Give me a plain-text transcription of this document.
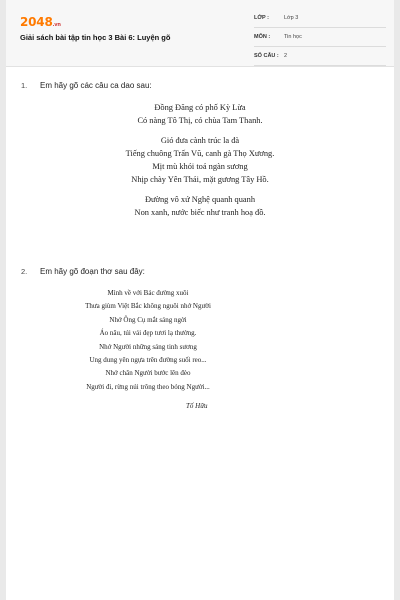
2048.vn
Giải sách bài tập tin học 3 Bài 6: Luyện gõ
LỚP :	Lớp 3
MÔN :	Tin học
SỐ CÂU : 2
1. Em hãy gõ các câu ca dao sau:
Đồng Đăng có phố Kỳ Lừa
Có nàng Tô Thị, có chùa Tam Thanh.
Gió đưa cành trúc la đà
Tiếng chuông Trấn Vũ, canh gà Thọ Xương.
Mịt mù khói toả ngàn sương
Nhịp chày Yên Thái, mặt gương Tây Hồ.
Đường vô xứ Nghệ quanh quanh
Non xanh, nước biếc như tranh hoạ đồ.
2. Em hãy gõ đoạn thơ sau đây:
Mình về với Bác đường xuôi
Thưa giùm Việt Bắc không nguôi nhớ Người
Nhớ Ông Cụ mắt sáng ngời
Áo nâu, túi vải đẹp tươi lạ thường.
Nhớ Người những sáng tinh sương
Ung dung yên ngựa trên đường suối reo...
Nhớ chân Người bước lên đèo
Người đi, rừng núi trông theo bóng Người...
Tố Hữu
